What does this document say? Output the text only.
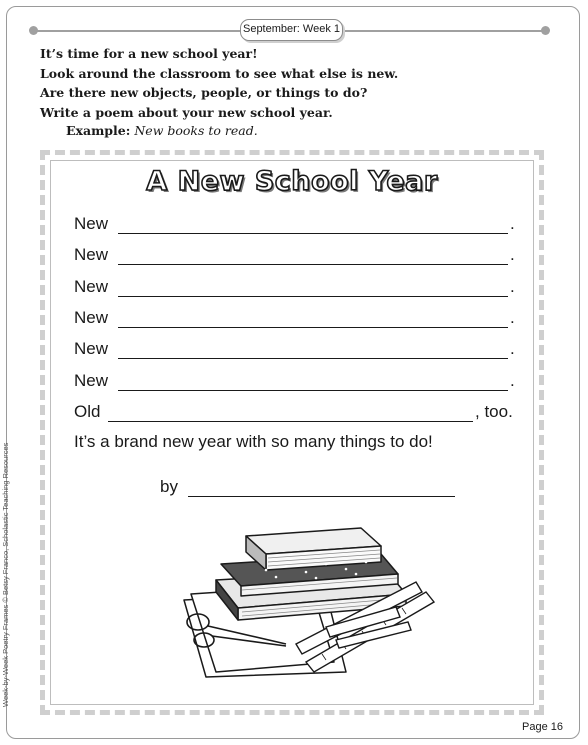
September: Week 1
It’s time for a new school year!
Look around the classroom to see what else is new.
Are there new objects, people, or things to do?
Write a poem about your new school year.
Example: New books to read.
A New School Year
New	.
New	.
New	.
New	.
New	.
New	.
Old	, too.
It’s a brand new year with so many things to do!
by
Week-by-Week Poetry Frames © Betsy Franco, Scholastic Teaching Resources
Page 16
